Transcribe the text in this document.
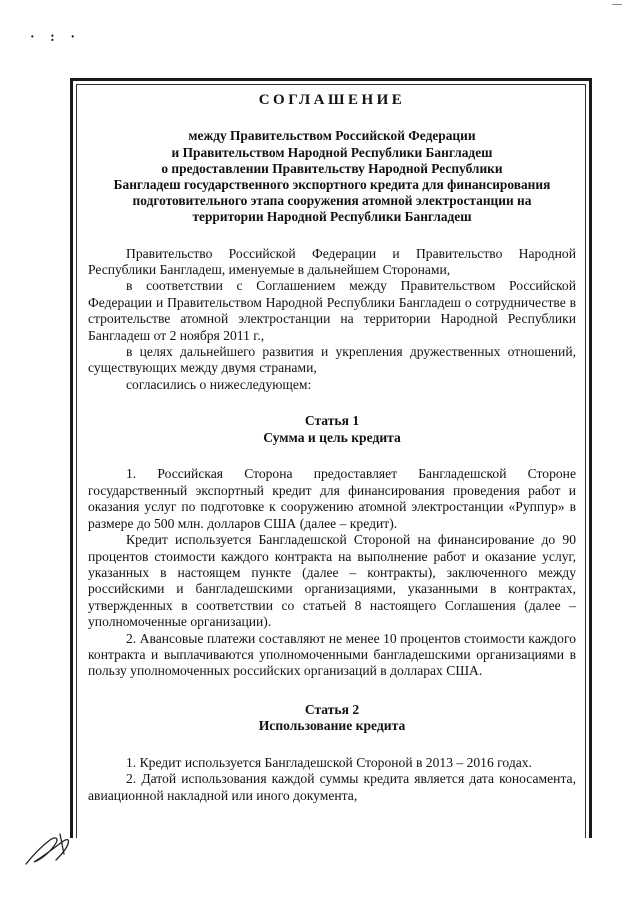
· : ·
СОГЛАШЕНИЕ
между Правительством Российской Федерации
и Правительством Народной Республики Бангладеш
о предоставлении Правительству Народной Республики
Бангладеш государственного экспортного кредита для финансирования
подготовительного этапа сооружения атомной электростанции на
территории Народной Республики Бангладеш

Правительство Российской Федерации и Правительство Народной Республики Бангладеш, именуемые в дальнейшем Сторонами,

в соответствии с Соглашением между Правительством Российской Федерации и Правительством Народной Республики Бангладеш о сотрудничестве в строительстве атомной электростанции на территории Народной Республики Бангладеш от 2 ноября 2011 г.,

в целях дальнейшего развития и укрепления дружественных отношений, существующих между двумя странами,

согласились о нижеследующем:

Статья 1
Сумма и цель кредита

1. Российская Сторона предоставляет Бангладешской Стороне государственный экспортный кредит для финансирования проведения работ и оказания услуг по подготовке к сооружению атомной электростанции «Руппур» в размере до 500 млн. долларов США (далее – кредит).

Кредит используется Бангладешской Стороной на финансирование до 90 процентов стоимости каждого контракта на выполнение работ и оказание услуг, указанных в настоящем пункте (далее – контракты), заключенного между российскими и бангладешскими организациями, указанными в контрактах, утвержденных в соответствии со статьей 8 настоящего Соглашения (далее – уполномоченные организации).

2. Авансовые платежи составляют не менее 10 процентов стоимости каждого контракта и выплачиваются уполномоченными бангладешскими организациями в пользу уполномоченных российских организаций в долларах США.

Статья 2
Использование кредита

1. Кредит используется Бангладешской Стороной в 2013 – 2016 годах.

2. Датой использования каждой суммы кредита является дата коносамента, авиационной накладной или иного документа,
